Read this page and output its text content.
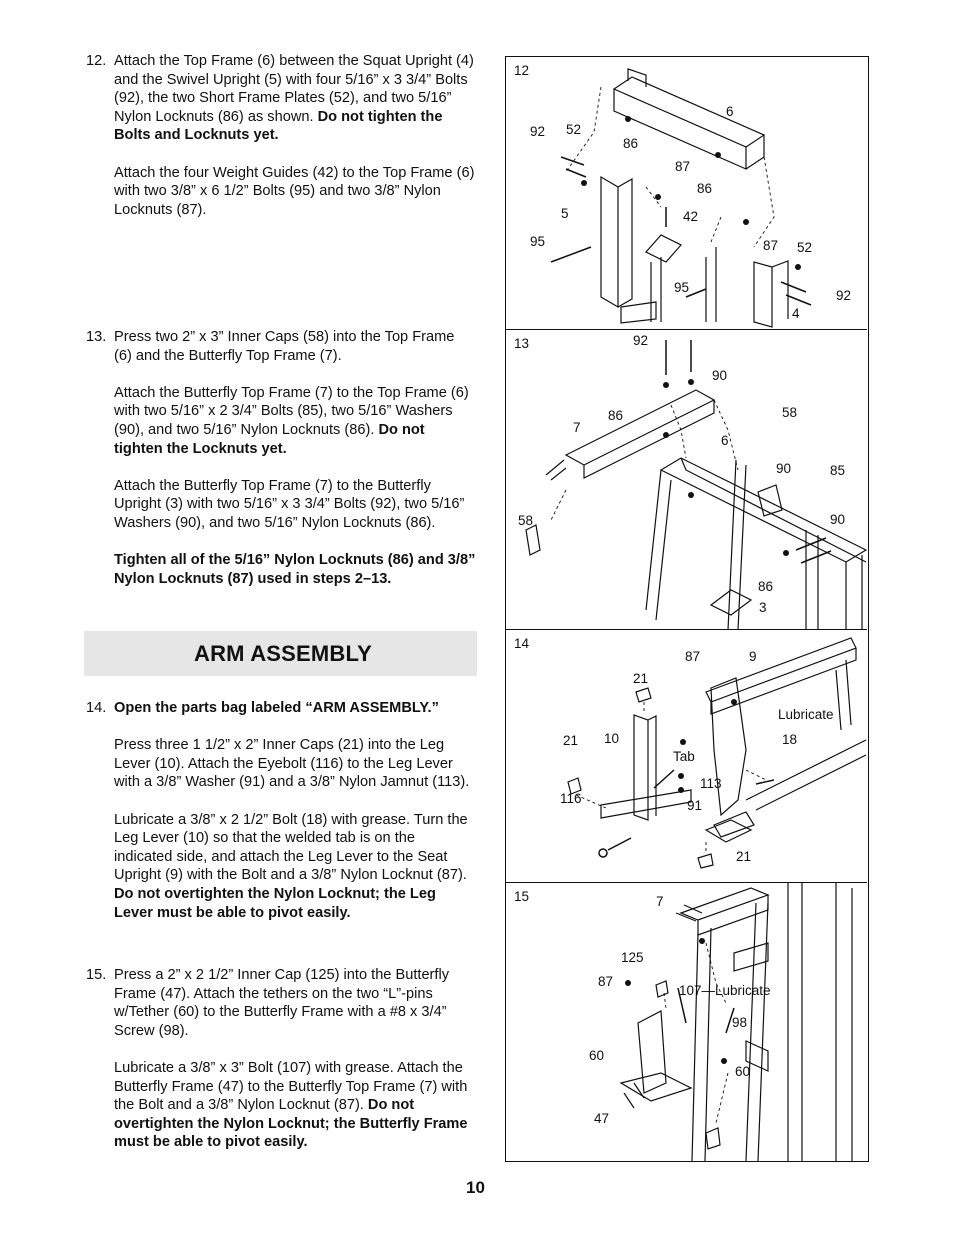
12. Attach the Top Frame (6) between the Squat Upright (4) and the Swivel Upright (5) with four 5/16” x 3 3/4” Bolts (92), the two Short Frame Plates (52), and two 5/16” Nylon Locknuts (86) as shown. Do not tighten the Bolts and Locknuts yet.

Attach the four Weight Guides (42) to the Top Frame (6) with two 3/8” x 6 1/2” Bolts (95) and two 3/8” Nylon Locknuts (87).

13. Press two 2” x 3” Inner Caps (58) into the Top Frame (6) and the Butterfly Top Frame (7).

Attach the Butterfly Top Frame (7) to the Top Frame (6) with two 5/16” x 2 3/4” Bolts (85), two 5/16” Washers (90), and two 5/16” Nylon Locknuts (86). Do not tighten the Locknuts yet.

Attach the Butterfly Top Frame (7) to the Butterfly Upright (3) with two 5/16” x 3 3/4” Bolts (92), two 5/16” Washers (90), and two 5/16” Nylon Locknuts (86).

Tighten all of the 5/16” Nylon Locknuts (86) and 3/8” Nylon Locknuts (87) used in steps 2–13.

14. Open the parts bag labeled “ARM ASSEMBLY.”

Press three 1 1/2” x 2” Inner Caps (21) into the Leg Lever (10). Attach the Eyebolt (116) to the Leg Lever with a 3/8” Washer (91) and a 3/8” Nylon Jamnut (113).

Lubricate a 3/8” x 2 1/2” Bolt (18) with grease. Turn the Leg Lever (10) so that the welded tab is on the indicated side, and attach the Leg Lever to the Seat Upright (9) with the Bolt and a 3/8” Nylon Locknut (87). Do not overtighten the Nylon Locknut; the Leg Lever must be able to pivot easily.

15. Press a 2” x 2 1/2” Inner Cap (125) into the Butterfly Frame (47). Attach the tethers on the two “L”-pins w/Tether (60) to the Butterfly Frame with a #8 x 3/4” Screw (98).

Lubricate a 3/8” x 3” Bolt (107) with grease. Attach the Butterfly Frame (47) to the Butterfly Top Frame (7) with the Bolt and a 3/8” Nylon Locknut (87). Do not overtighten the Nylon Locknut; the Butterfly Frame must be able to pivot easily.

ARM ASSEMBLY
12
6
92 52
86
87
86
5	42
95	87 52
95
92
4
13	92
90
7
86	58
6
90	85
58	90
86
3
14
87	9
21
Lubricate
10	18
21
Tab
113
116	91
21
15	7
125
87
107—Lubricate
98
60
60
47
10
